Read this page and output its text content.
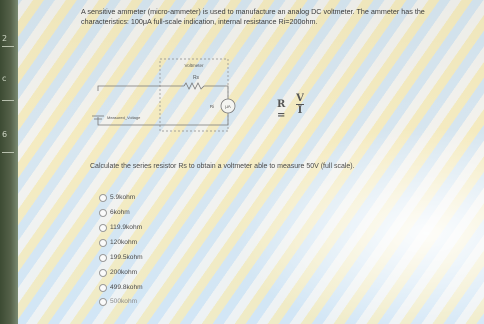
2
c
6
A sensitive ammeter (micro-ammeter) is used to manufacture an analog DC voltmeter. The ammeter has the characteristics: 100μA full-scale indication, internal resistance Ri=200ohm.
Voltmeter
Rs
μA
Ri
Measured_Voltage
R =
V
I
Calculate the series resistor Rs to obtain a voltmeter able to measure 50V (full scale).
5.9kohm
6kohm
119.9kohm
120kohm
199.5kohm
200kohm
499.8kohm
500kohm
